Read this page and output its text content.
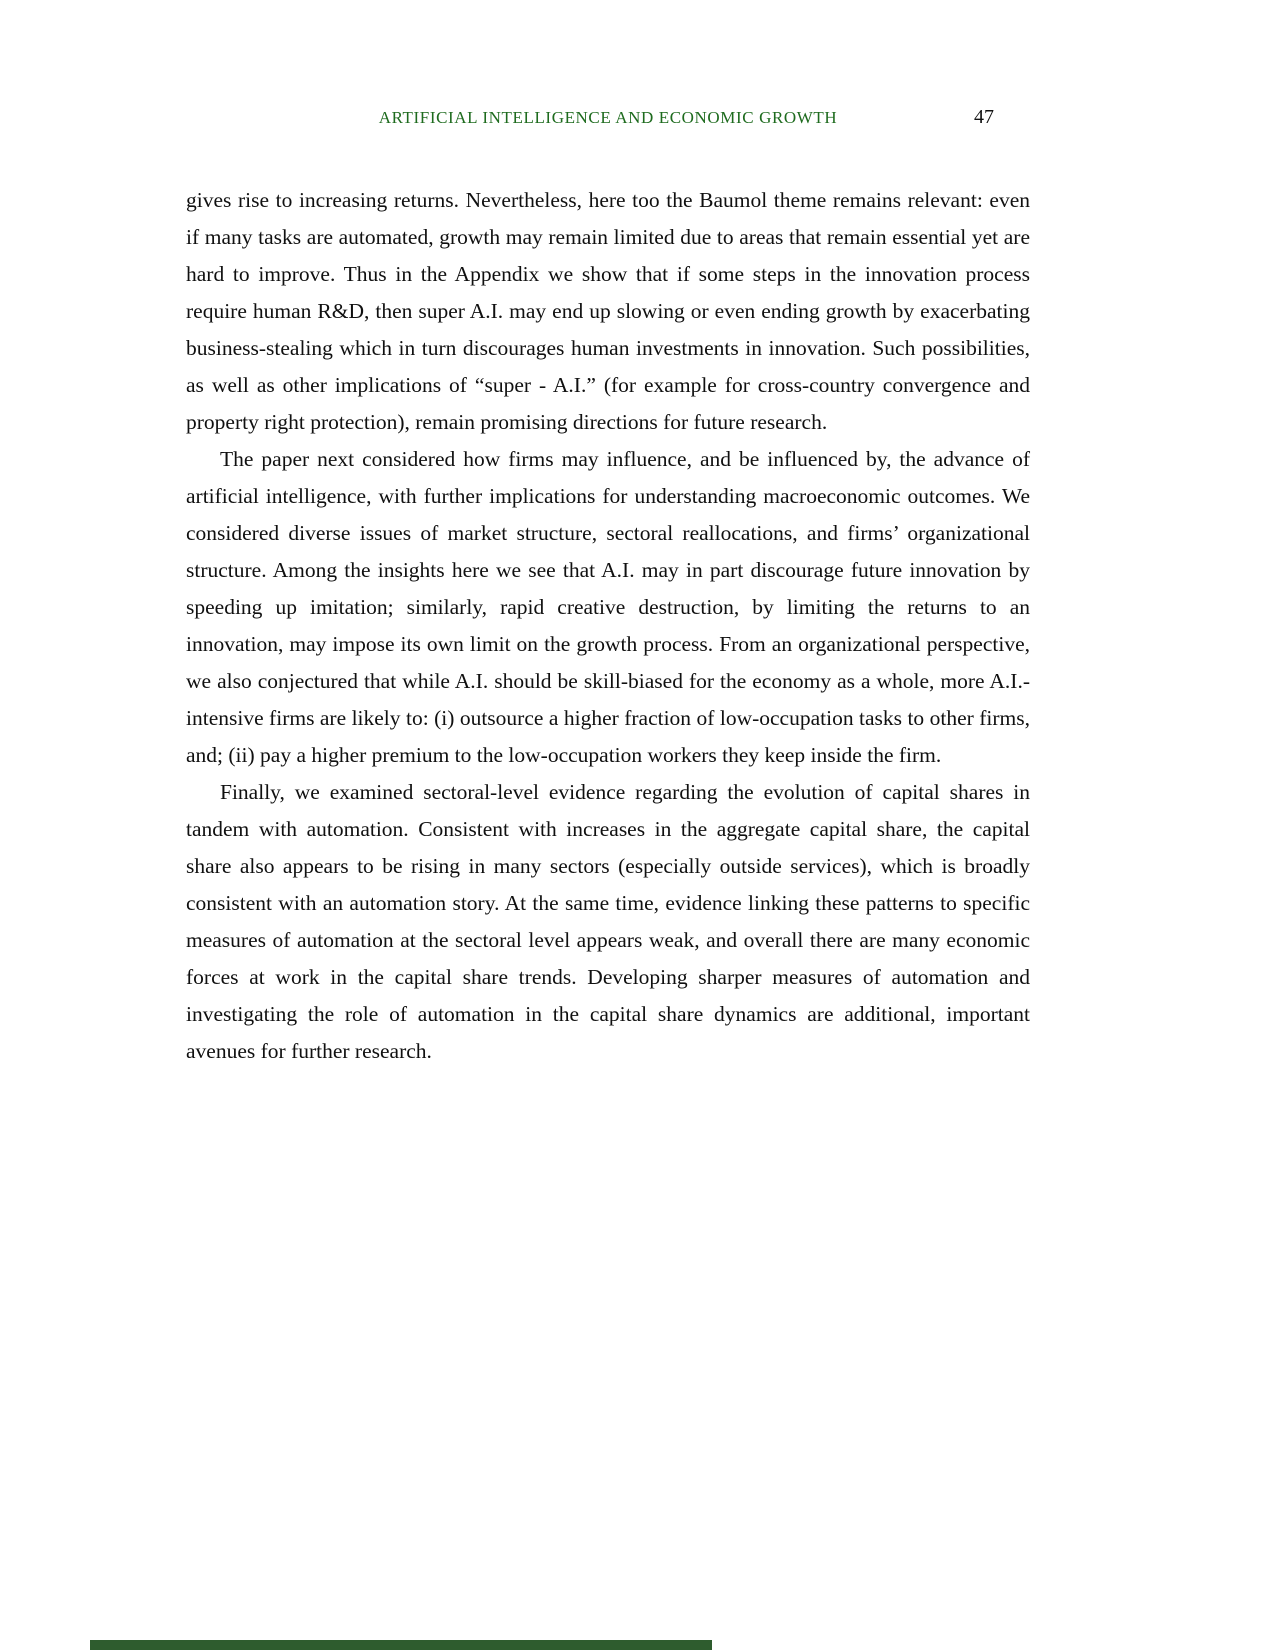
ARTIFICIAL INTELLIGENCE AND ECONOMIC GROWTH	47

gives rise to increasing returns. Nevertheless, here too the Baumol theme remains relevant: even if many tasks are automated, growth may remain limited due to areas that remain essential yet are hard to improve. Thus in the Appendix we show that if some steps in the innovation process require human R&D, then super A.I. may end up slowing or even ending growth by exacerbating business-stealing which in turn discourages human investments in innovation. Such possibilities, as well as other implications of “super - A.I.” (for example for cross-country convergence and property right protection), remain promising directions for future research.

The paper next considered how firms may influence, and be influenced by, the advance of artificial intelligence, with further implications for understanding macroeconomic outcomes. We considered diverse issues of market structure, sectoral reallocations, and firms’ organizational structure. Among the insights here we see that A.I. may in part discourage future innovation by speeding up imitation; similarly, rapid creative destruction, by limiting the returns to an innovation, may impose its own limit on the growth process. From an organizational perspective, we also conjectured that while A.I. should be skill-biased for the economy as a whole, more A.I.-intensive firms are likely to: (i) outsource a higher fraction of low-occupation tasks to other firms, and; (ii) pay a higher premium to the low-occupation workers they keep inside the firm.

Finally, we examined sectoral-level evidence regarding the evolution of capital shares in tandem with automation. Consistent with increases in the aggregate capital share, the capital share also appears to be rising in many sectors (especially outside services), which is broadly consistent with an automation story. At the same time, evidence linking these patterns to specific measures of automation at the sectoral level appears weak, and overall there are many economic forces at work in the capital share trends. Developing sharper measures of automation and investigating the role of automation in the capital share dynamics are additional, important avenues for further research.
